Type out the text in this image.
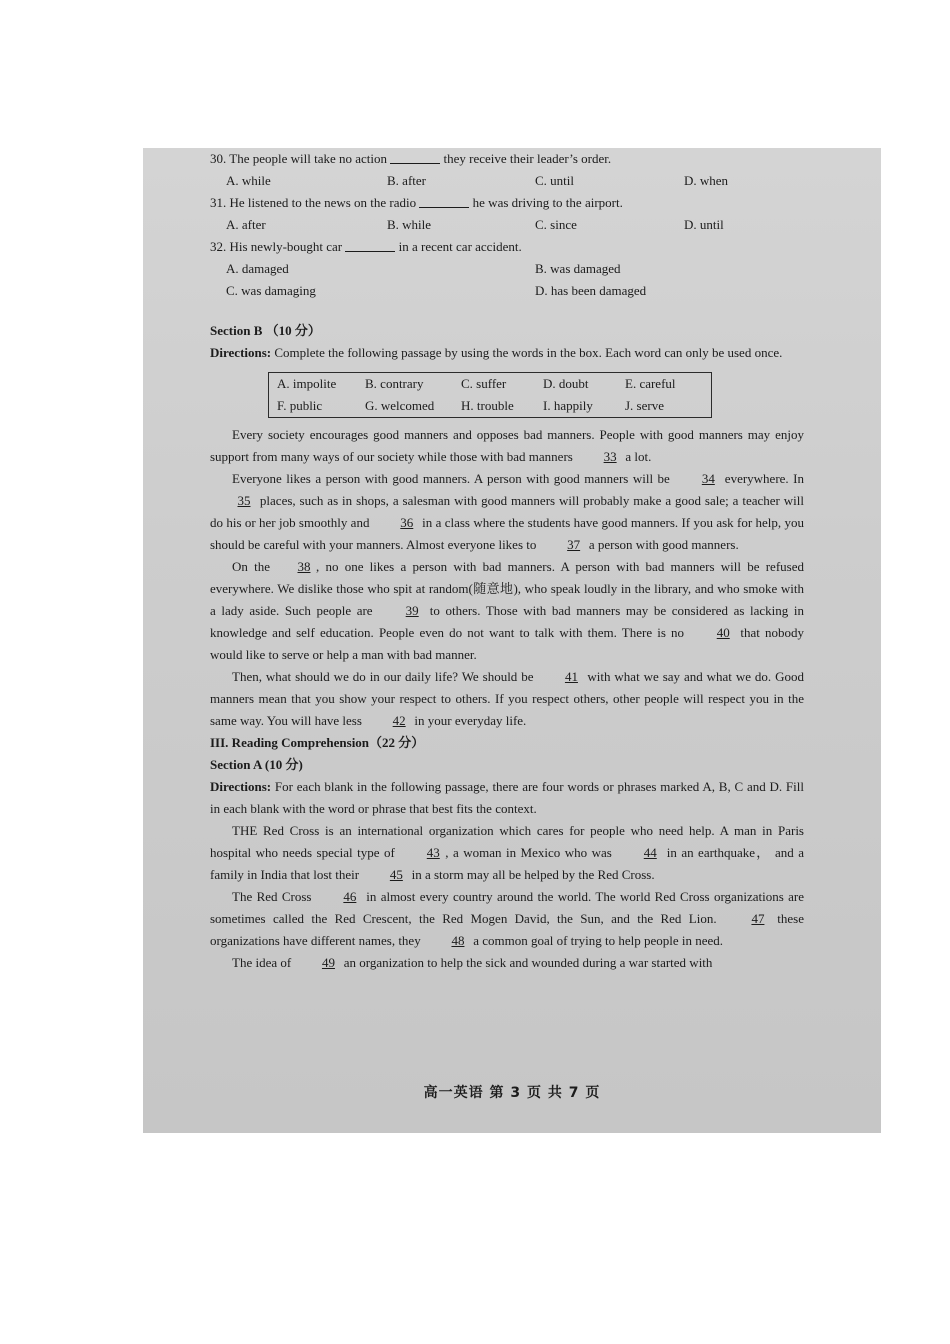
30. The people will take no action	they receive their leader’s order.
A. while	B. after	C. until	D. when
31. He listened to the news on the radio	he was driving to the airport.
A. after	B. while	C. since	D. until
32. His newly-bought car	in a recent car accident.
A. damaged	B. was damaged
C. was damaging	D. has been damaged
Section B （10 分）

Directions: Complete the following passage by using the words in the box. Each word can only be used once.

A. impolite B. contrary	C. suffer	D. doubt	E. careful
F. public	G. welcomed H. trouble I. happily J. serve

Every society encourages good manners and opposes bad manners. People with good manners may enjoy support from many ways of our society while those with bad manners 33 a lot.

Everyone likes a person with good manners. A person with good manners will be 34 everywhere. In 35 places, such as in shops, a salesman with good manners will probably make a good sale; a teacher will do his or her job smoothly and 36 in a class where the students have good manners. If you ask for help, you should be careful with your manners. Almost everyone likes to 37 a person with good manners.

On the 38 , no one likes a person with bad manners. A person with bad manners will be refused everywhere. We dislike those who spit at random(随意地), who speak loudly in the library, and who smoke with a lady aside. Such people are 39 to others. Those with bad manners may be considered as lacking in knowledge and self education. People even do not want to talk with them. There is no 40 that nobody would like to serve or help a man with bad manner.

Then, what should we do in our daily life? We should be 41 with what we say and what we do. Good manners mean that you show your respect to others. If you respect others, other people will respect you in the same way. You will have less 42 in your everyday life.

III. Reading Comprehension（22 分）
Section A (10 分)

Directions: For each blank in the following passage, there are four words or phrases marked A, B, C and D. Fill in each blank with the word or phrase that best fits the context.

THE Red Cross is an international organization which cares for people who need help. A man in Paris hospital who needs special type of 43 , a woman in Mexico who was 44 in an earthquake， and a family in India that lost their 45 in a storm may all be helped by the Red Cross.

The Red Cross 46 in almost every country around the world. The world Red Cross organizations are sometimes called the Red Crescent, the Red Mogen David, the Sun, and the Red Lion. 47 these organizations have different names, they 48 a common goal of trying to help people in need.

The idea of 49 an organization to help the sick and wounded during a war started with

高一英语 第 3 页 共 7 页
